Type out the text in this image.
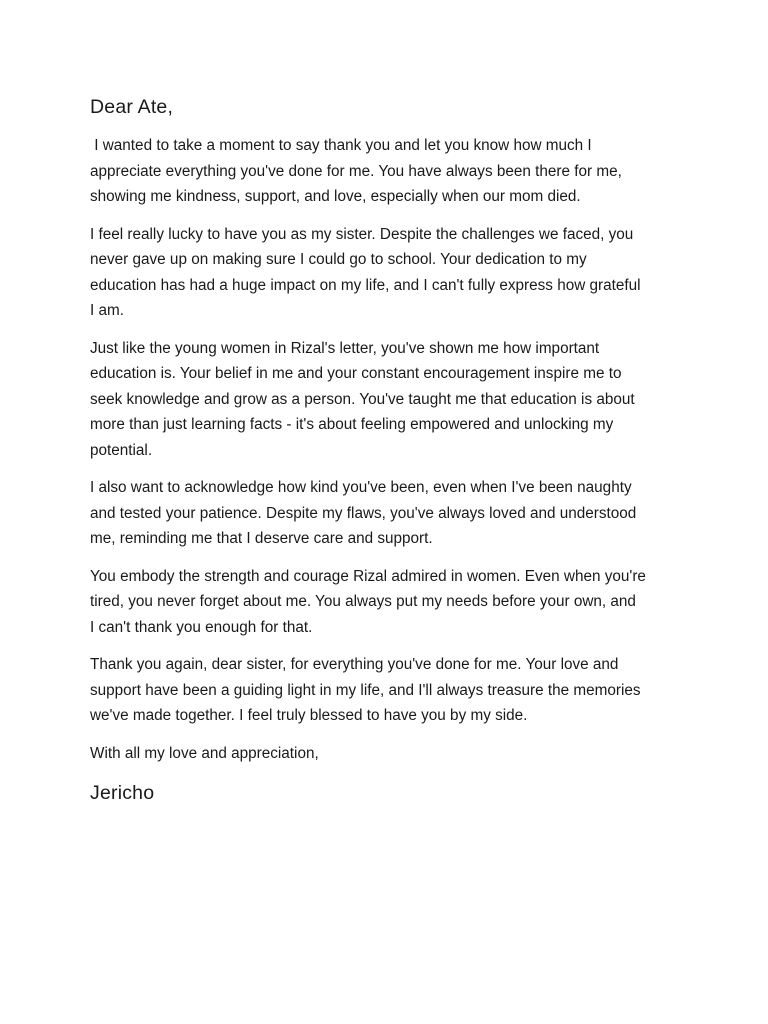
Dear Ate,
I wanted to take a moment to say thank you and let you know how much I
appreciate everything you've done for me. You have always been there for me,
showing me kindness, support, and love, especially when our mom died.
I feel really lucky to have you as my sister. Despite the challenges we faced, you
never gave up on making sure I could go to school. Your dedication to my
education has had a huge impact on my life, and I can't fully express how grateful
I am.
Just like the young women in Rizal's letter, you've shown me how important
education is. Your belief in me and your constant encouragement inspire me to
seek knowledge and grow as a person. You've taught me that education is about
more than just learning facts - it's about feeling empowered and unlocking my
potential.
I also want to acknowledge how kind you've been, even when I've been naughty
and tested your patience. Despite my flaws, you've always loved and understood
me, reminding me that I deserve care and support.
You embody the strength and courage Rizal admired in women. Even when you're
tired, you never forget about me. You always put my needs before your own, and
I can't thank you enough for that.
Thank you again, dear sister, for everything you've done for me. Your love and
support have been a guiding light in my life, and I'll always treasure the memories
we've made together. I feel truly blessed to have you by my side.
With all my love and appreciation,
Jericho
